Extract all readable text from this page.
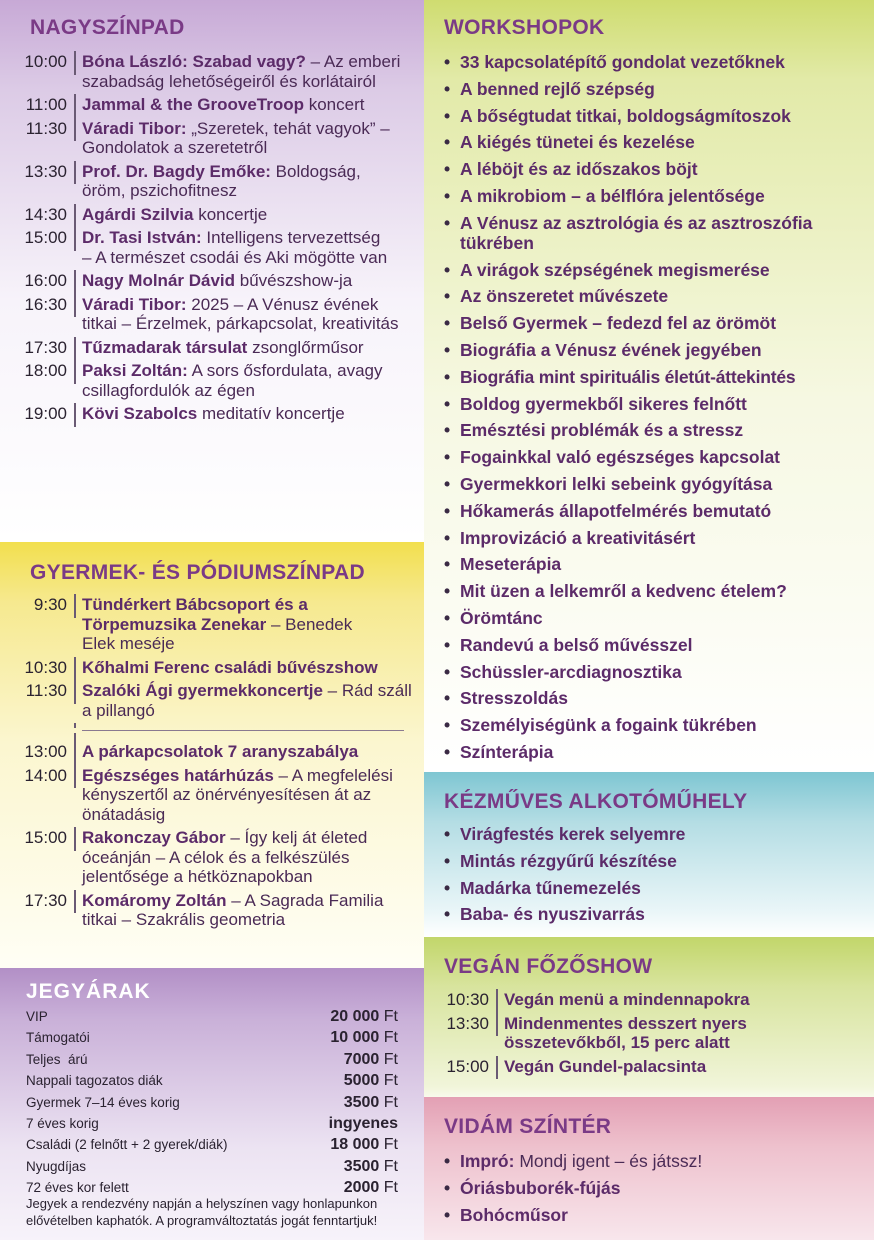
NAGYSZÍNPAD
10:00 Bóna László: Szabad vagy? – Az emberi szabadság lehetőségeiről és korlátairól
11:00 Jammal & the GrooveTroop koncert
11:30 Váradi Tibor: „Szeretek, tehát vagyok” – Gondolatok a szeretetről
13:30 Prof. Dr. Bagdy Emőke: Boldogság, öröm, pszichofitnesz
14:30 Agárdi Szilvia koncertje
15:00 Dr. Tasi István: Intelligens tervezettség – A természet csodái és Aki mögötte van
16:00 Nagy Molnár Dávid bűvészshow-ja
16:30 Váradi Tibor: 2025 – A Vénusz évének titkai – Érzelmek, párkapcsolat, kreativitás
17:30 Tűzmadarak társulat zsonglőrműsor
18:00 Paksi Zoltán: A sors ősfordulata, avagy csillagfordulók az égen
19:00 Kövi Szabolcs meditatív koncertje
GYERMEK- ÉS PÓDIUMSZÍNPAD
9:30 Tündérkert Bábcsoport és a Törpemuzsika Zenekar – Benedek Elek meséje
10:30 Kőhalmi Ferenc családi bűvészshow
11:30 Szalóki Ági gyermekkoncertje – Rád száll a pillangó
13:00 A párkapcsolatok 7 aranyszabálya
14:00 Egészséges határhúzás – A megfelelési kényszertől az önérvényesítésen át az önátadásig
15:00 Rakonczay Gábor – Így kelj át életed óceánján – A célok és a felkészülés jelentősége a hétköznapokban
17:30 Komáromy Zoltán – A Sagrada Familia titkai – Szakrális geometria
JEGYÁRAK
VIP	20 000 Ft
Támogatói	10 000 Ft
Teljes  árú	7000 Ft
Nappali tagozatos diák	5000 Ft
Gyermek 7–14 éves korig	3500 Ft
7 éves korig	ingyenes
Családi (2 felnőtt + 2 gyerek/diák)	18 000 Ft
Nyugdíjas	3500 Ft
72 éves kor felett	2000 Ft
Jegyek a rendezvény napján a helyszínen vagy honlapunkon elővételben kaphatók. A programváltoztatás jogát fenntartjuk!
WORKSHOPOK
• 33 kapcsolatépítő gondolat vezetőknek
• A benned rejlő szépség
• A bőségtudat titkai, boldogságmítoszok
• A kiégés tünetei és kezelése
• A léböjt és az időszakos böjt
• A mikrobiom – a bélflóra jelentősége
• A Vénusz az asztrológia és az asztroszófia tükrében
• A virágok szépségének megismerése
• Az önszeretet művészete
• Belső Gyermek – fedezd fel az örömöt
• Biográfia a Vénusz évének jegyében
• Biográfia mint spirituális életút-áttekintés
• Boldog gyermekből sikeres felnőtt
• Emésztési problémák és a stressz
• Fogainkkal való egészséges kapcsolat
• Gyermekkori lelki sebeink gyógyítása
• Hőkamerás állapotfelmérés bemutató
• Improvizáció a kreativitásért
• Meseterápia
• Mit üzen a lelkemről a kedvenc ételem?
• Örömtánc
• Randevú a belső művésszel
• Schüssler-arcdiagnosztika
• Stresszoldás
• Személyiségünk a fogaink tükrében
• Színterápia
KÉZMŰVES ALKOTÓMŰHELY
• Virágfestés kerek selyemre
• Mintás rézgyűrű készítése
• Madárka tűnemezelés
• Baba- és nyuszivarrás
VEGÁN FŐZŐSHOW
10:30 Vegán menü a mindennapokra
13:30 Mindenmentes desszert nyers összetevőkből, 15 perc alatt
15:00 Vegán Gundel-palacsinta
VIDÁM SZÍNTÉR
• Impró: Mondj igent – és játssz!
• Óriásbuborék-fújás
• Bohócműsor
